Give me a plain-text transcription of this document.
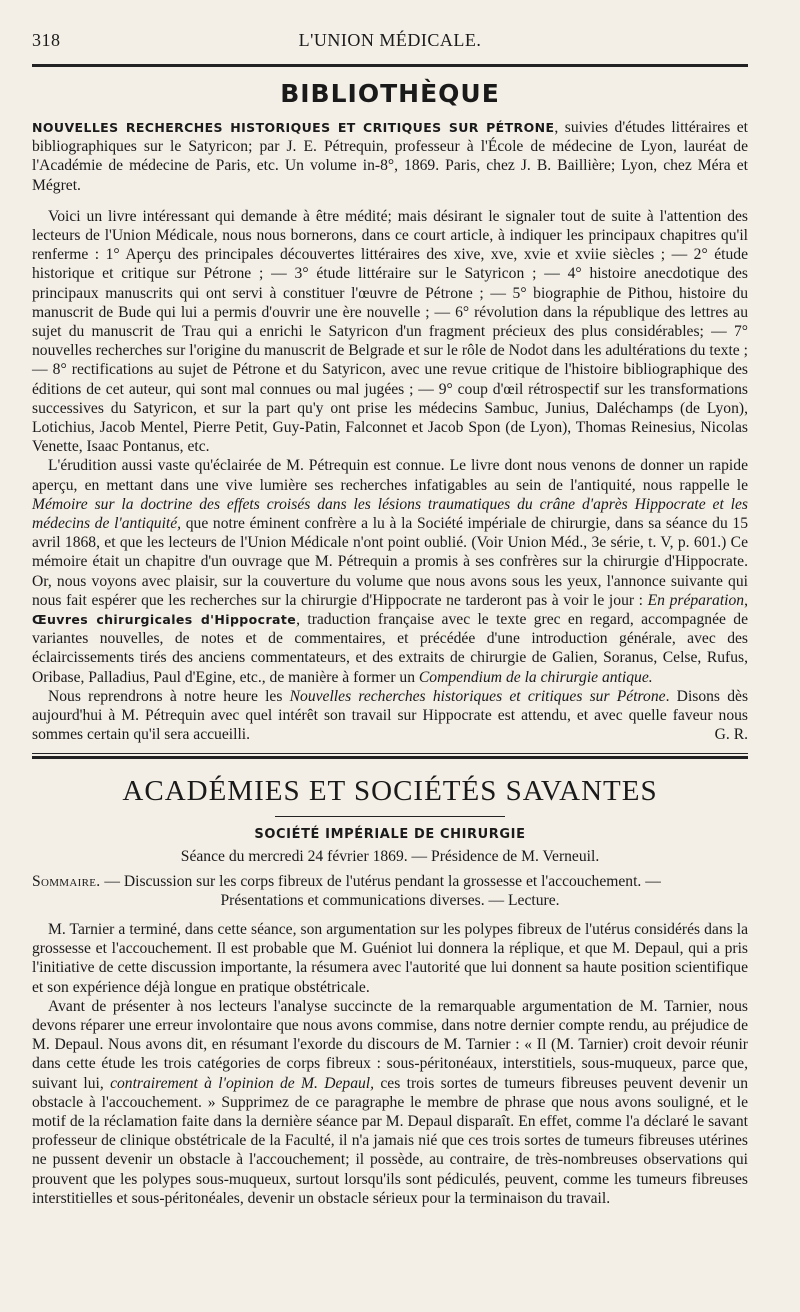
318	L'UNION MÉDICALE.
BIBLIOTHÈQUE

NOUVELLES RECHERCHES HISTORIQUES ET CRITIQUES SUR PÉTRONE, suivies d'études littéraires et bibliographiques sur le Satyricon; par J. E. Pétrequin, professeur à l'École de médecine de Lyon, lauréat de l'Académie de médecine de Paris, etc. Un volume in-8°, 1869. Paris, chez J. B. Baillière; Lyon, chez Méra et Mégret.

Voici un livre intéressant qui demande à être médité; mais désirant le signaler tout de suite à l'attention des lecteurs de l'Union Médicale, nous nous bornerons, dans ce court article, à indiquer les principaux chapitres qu'il renferme : 1° Aperçu des principales découvertes littéraires des xive, xve, xvie et xviie siècles ; — 2° étude historique et critique sur Pétrone ; — 3° étude littéraire sur le Satyricon ; — 4° histoire anecdotique des principaux manuscrits qui ont servi à constituer l'œuvre de Pétrone ; — 5° biographie de Pithou, histoire du manuscrit de Bude qui lui a permis d'ouvrir une ère nouvelle ; — 6° révolution dans la république des lettres au sujet du manuscrit de Trau qui a enrichi le Satyricon d'un fragment précieux des plus considérables; — 7° nouvelles recherches sur l'origine du manuscrit de Belgrade et sur le rôle de Nodot dans les adultérations du texte ; — 8° rectifications au sujet de Pétrone et du Satyricon, avec une revue critique de l'histoire bibliographique des éditions de cet auteur, qui sont mal connues ou mal jugées ; — 9° coup d'œil rétrospectif sur les transformations successives du Satyricon, et sur la part qu'y ont prise les médecins Sambuc, Junius, Daléchamps (de Lyon), Lotichius, Jacob Mentel, Pierre Petit, Guy-Patin, Falconnet et Jacob Spon (de Lyon), Thomas Reinesius, Nicolas Venette, Isaac Pontanus, etc.

L'érudition aussi vaste qu'éclairée de M. Pétrequin est connue. Le livre dont nous venons de donner un rapide aperçu, en mettant dans une vive lumière ses recherches infatigables au sein de l'antiquité, nous rappelle le Mémoire sur la doctrine des effets croisés dans les lésions traumatiques du crâne d'après Hippocrate et les médecins de l'antiquité, que notre éminent confrère a lu à la Société impériale de chirurgie, dans sa séance du 15 avril 1868, et que les lecteurs de l'Union Médicale n'ont point oublié. (Voir Union Méd., 3e série, t. V, p. 601.) Ce mémoire était un chapitre d'un ouvrage que M. Pétrequin a promis à ses confrères sur la chirurgie d'Hippocrate. Or, nous voyons avec plaisir, sur la couverture du volume que nous avons sous les yeux, l'annonce suivante qui nous fait espérer que les recherches sur la chirurgie d'Hippocrate ne tarderont pas à voir le jour : En préparation, Œuvres chirurgicales d'Hippocrate, traduction française avec le texte grec en regard, accompagnée de variantes nouvelles, de notes et de commentaires, et précédée d'une introduction générale, avec des éclaircissements tirés des anciens commentateurs, et des extraits de chirurgie de Galien, Soranus, Celse, Rufus, Oribase, Palladius, Paul d'Egine, etc., de manière à former un Compendium de la chirurgie antique.

Nous reprendrons à notre heure les Nouvelles recherches historiques et critiques sur Pétrone. Disons dès aujourd'hui à M. Pétrequin avec quel intérêt son travail sur Hippocrate est attendu, et avec quelle faveur nous sommes certain qu'il sera accueilli.	G. R.

ACADÉMIES ET SOCIÉTÉS SAVANTES
SOCIÉTÉ IMPÉRIALE DE CHIRURGIE
Séance du mercredi 24 février 1869. — Présidence de M. Verneuil.

Sommaire. — Discussion sur les corps fibreux de l'utérus pendant la grossesse et l'accouchement. —
Présentations et communications diverses. — Lecture.

M. Tarnier a terminé, dans cette séance, son argumentation sur les polypes fibreux de l'utérus considérés dans la grossesse et l'accouchement. Il est probable que M. Guéniot lui donnera la réplique, et que M. Depaul, qui a pris l'initiative de cette discussion importante, la résumera avec l'autorité que lui donnent sa haute position scientifique et son expérience déjà longue en pratique obstétricale.

Avant de présenter à nos lecteurs l'analyse succincte de la remarquable argumentation de M. Tarnier, nous devons réparer une erreur involontaire que nous avons commise, dans notre dernier compte rendu, au préjudice de M. Depaul. Nous avons dit, en résumant l'exorde du discours de M. Tarnier : « Il (M. Tarnier) croit devoir réunir dans cette étude les trois catégories de corps fibreux : sous-péritonéaux, interstitiels, sous-muqueux, parce que, suivant lui, contrairement à l'opinion de M. Depaul, ces trois sortes de tumeurs fibreuses peuvent devenir un obstacle à l'accouchement. » Supprimez de ce paragraphe le membre de phrase que nous avons souligné, et le motif de la réclamation faite dans la dernière séance par M. Depaul disparaît. En effet, comme l'a déclaré le savant professeur de clinique obstétricale de la Faculté, il n'a jamais nié que ces trois sortes de tumeurs fibreuses utérines ne pussent devenir un obstacle à l'accouchement; il possède, au contraire, de très-nombreuses observations qui prouvent que les polypes sous-muqueux, surtout lorsqu'ils sont pédiculés, peuvent, comme les tumeurs fibreuses interstitielles et sous-péritonéales, devenir un obstacle sérieux pour la terminaison du travail.
